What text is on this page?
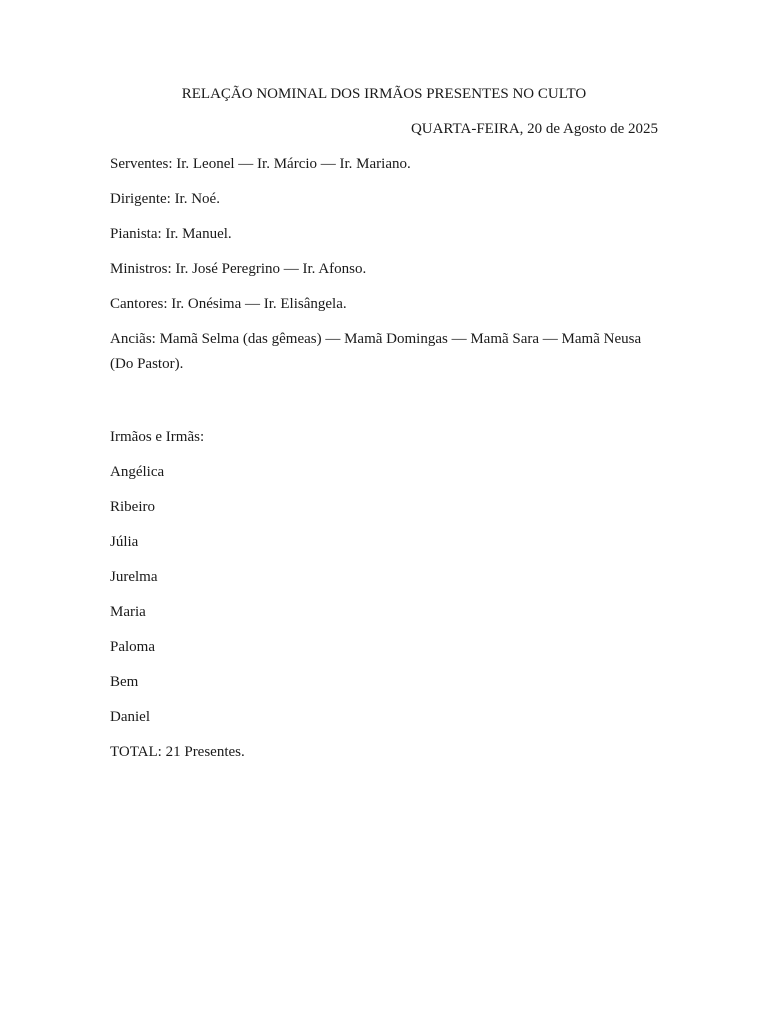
RELAÇÃO NOMINAL DOS IRMÃOS PRESENTES NO CULTO

QUARTA-FEIRA, 20 de Agosto de 2025

Serventes: Ir. Leonel — Ir. Márcio — Ir. Mariano.

Dirigente: Ir. Noé.

Pianista: Ir. Manuel.

Ministros: Ir. José Peregrino — Ir. Afonso.

Cantores: Ir. Onésima — Ir. Elisângela.

Anciãs: Mamã Selma (das gêmeas) — Mamã Domingas — Mamã Sara — Mamã Neusa (Do Pastor).

Irmãos e Irmãs:

Angélica
Ribeiro
Júlia
Jurelma
Maria
Paloma
Bem
Daniel

TOTAL: 21 Presentes.
